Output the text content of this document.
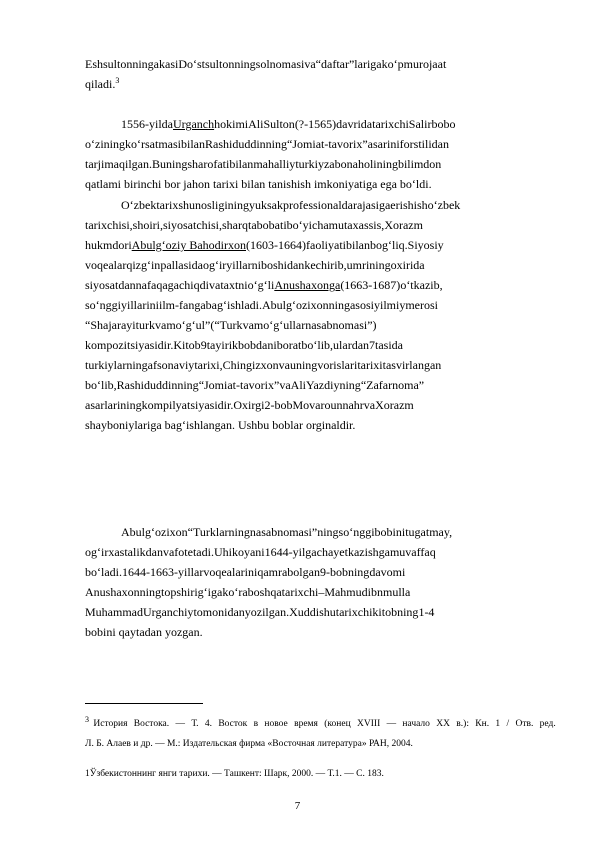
EshsultonningakasiDoʻstsultonningsolnomasiva“daftar”larigakoʻpmurojaat
qiladi.$^3$
1556-yildaUrganchhokimiAliSulton(?-1565)davridatarixchiSalirbobo
oʻziningkoʻrsatmasibilanRashiduddinning“Jomiat-tavorix”asariniforstilidan
tarjimaqilgan.Buningsharofatibilanmahalliyturkiyzabonaholiningbilimdon
qatlami birinchi bor jahon tarixi bilan tanishish imkoniyatiga ega boʻldi.
Oʻzbektarixshunosliginingyuksakprofessionaldarajasigaerishishoʻzbek
tarixchisi,shoiri,siyosatchisi,sharqtabobatiboʻyichamutaxassis,Xorazm
hukmdoriAbulgʻoziy Bahodirxon(1603-1664)faoliyatibilanbogʻliq.Siyosiy
voqealarqizgʻinpallasidaogʻiryillarniboshidankechirib,umriningoxirida
siyosatdannafaqagachiqdivataxtnioʻgʻliAnushaxonga(1663-1687)oʻtkazib,
soʻnggiyillariniilm-fangabagʻishladi.Abulgʻozixonningasosiyilmiymerosi
“Shajarayiturkvamoʻgʻul”(“Turkvamoʻgʻullarnasabnomasi”)
kompozitsiyasidir.Kitob9tayirikbobdaniboratboʻlib,ulardan7tasida
turkiylarningafsonaviytarixi,Chingizxonvauningvorislaritarixitasvirlangan
boʻlib,Rashiduddinning“Jomiat-tavorix”vaAliYazdiyning“Zafarnoma”
asarlariningkompilyatsiyasidir.Oxirgi2-bobMovarounnahrvaXorazm
shayboniylariga bagʻishlangan. Ushbu boblar orginaldir.
Abulgʻozixon“Turklarningnasabnomasi”ningsoʻnggibobinitugatmay,
ogʻirxastalikdanvafotetadi.Uhikoyani1644-yilgachayetkazishgamuvaffaq
boʻladi.1644-1663-yillarvoqealariniqamrabolgan9-bobningdavomi
Anushaxonningtopshirigʻigakoʻraboshqatarixchi–Mahmudibnmulla
MuhammadUrganchiytomonidanyozilgan.Xuddishutarixchikitobning1-4
bobini qaytadan yozgan.
$^3$ История Востока. — Т. 4. Восток в новое время (конец XVIII — начало XX в.): Кн. 1 / Отв. ред.
Л. Б. Алаев и др. — М.: Издательская фирма «Восточная литература» РАН, 2004.
1Ўзбекистоннинг янги тарихи. — Ташкент: Шарк, 2000. — Т.1. — С. 183.
7
